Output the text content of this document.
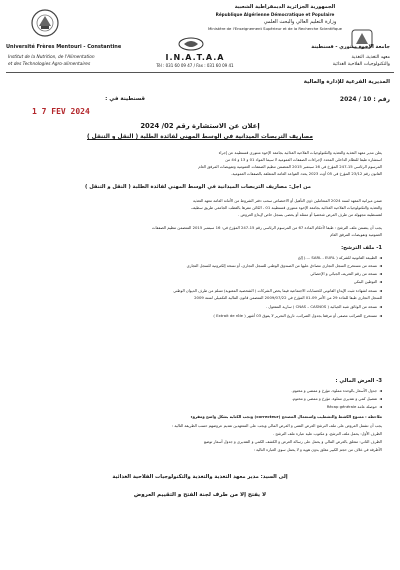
الجمهورية الجزائرية الديمقراطية الشعبية
République Algérienne Démocratique et Populaire
وزارة التعليم العالي والبحث العلمي
Ministère de l'Enseignement Supérieur et de la Recherche Scientifique
Université Frères Mentouri - Constantine
Institut de la Nutrition, de l'Alimentation
et des Technologies Agro-alimentaires
I.N.A.T.A.A
Tél : 031 60 09 47 / Fax : 031 60 09 41
جامعة الإخوة منتوري - قسنطينة
معهد التغذية، التغذية
والتكنولوجيات الفلاحية الغذائية
المديرية الفرعية للإدارة والمالية
رقم : 10 / 2024
قسنطينة في :
1 7 FEV 2024
إعلان عن الاستشارة رقم 02/ 2024
مصاريف التربصات الميدانية في الوسط المهني لفائدة الطلبة ( النقل و التنقل )
يعلن مدير معهد التغذية والتغذية والتكنولوجيات الفلاحية الغذائية بجامعة الإخوة منتوري قسنطينة عن إجراء
استشارة طبقا للنظام الداخلي المحدد لإجراءات الصفقات العمومية لا سيما المواد 01 و 13 و 44 من
المرسوم الرئاسي 15-247 المؤرخ في 16 سبتمبر 2015 المتضمن تنظيم الصفقات العمومية وتفويضات المرفق العام
القانون رقم 23/12 المؤرخ في 05 أوت 2023 يحدد القواعد العامة المتعلقة بالصفقات العمومية.
من أجل: مصاريف التربصات الميدانية في الوسط المهني لفائدة الطلبة ( النقل و التنقل )
ضمن ميزانية المعهد لسنة 2024 المتعاملين ذوي التأهيل أو الاختصاص سحب دفتر الشروط من الأمانة العامة معهد التغذية
والتغذية والتكنولوجيات الفلاحية الغذائية بجامعة الإخوة منتوري قسنطينة 01 - الكائن مقرها بالقطب الجامعي طريق سطيف
لقسنطينة مجهولة من طرف العرض شخصيا أو ممثله أو يحضى بسجل خاص لإيداع العروض .
يجب أن يتضمن ملف الترشح : طبقا لأحكام المادة 67 من المرسوم الرئاسي رقم 15-247 المؤرخ في: 16 سبتمبر 2015 المتضمن تنظيم الصفقات
العمومية وتفويضات المرفق العام
1- ملف الترشح:
◄الطبيعة القانونية للشركة ( SARL - EURL ....) إلخ
◄نسخة من مستخرج السجل التجاري مصادق عليها من الصندوق الوطني للسجل التجاري، أو نسخة إلكترونية للسجل التجاري
◄نسخة من رقم التعريف الجبائي و الإحصائي
◄التوطين البنكي
◄نسخة لشهادة تثبت الإيداع القانوني للحسابات الاجتماعية فيما يخص الشركات ( الشخصية المعنوية) تسلم من طرف الديوان الوطني
للسجل التجاري طبقا للمادة 29 من الأمر 09-01 المؤرخ في 2009/07/22 المتضمن قانون المالية التكميلي لسنة 2009
◄نسخة من الوثائق شبه الجبائية ( CNAS – CASNOS ) سارية المفعول .
◄مستخرج الضرائب مصفى أو مرفقا بجدول الضرائب، تاريخ التحرير لا يفوق 03 أشهر ( Extrait de rôle )
3- العرض المالي :
◄جدول الأسعار بالوحدة مملوء، مؤرخ و ممضي و مختوم.
◄تفصيل كمي و تقديري مملوء، مؤرخ و ممضي و مختوم.
◄حوصلة عامة Récap générale
ملاحظة : ممنوع الكشط والتشطيب واستعمال المصحح (correcteur) وتجب الكتابة بشكل واضح ومقروء
يجب أن تشمل العروض على ملف الترشح العرض التقني و العرض المالي ويجب على المتعهدين تقديم عروضهم حسب الطريقة التالية :
الظرف الأول: يحمل ملف الترشح، و مكتوب عليه عبارة ملف الترشح .
الظرف الثاني: متعلق بالعرض المالي و يحمل على رسالة العرض و الكشف الكمي و التقديري و جدول أسعار توضع
الأظرفة في غلاف من حجم الكبير مغلق بدون هوية و لا يحمل سوى العبارة التالية :
إلى السيد: مدير معهد التغذية والتغذية والتكنولوجيات الفلاحية الغذائية
لا يفتح إلا من طرف لجنة الفتح و التقييم العروض
